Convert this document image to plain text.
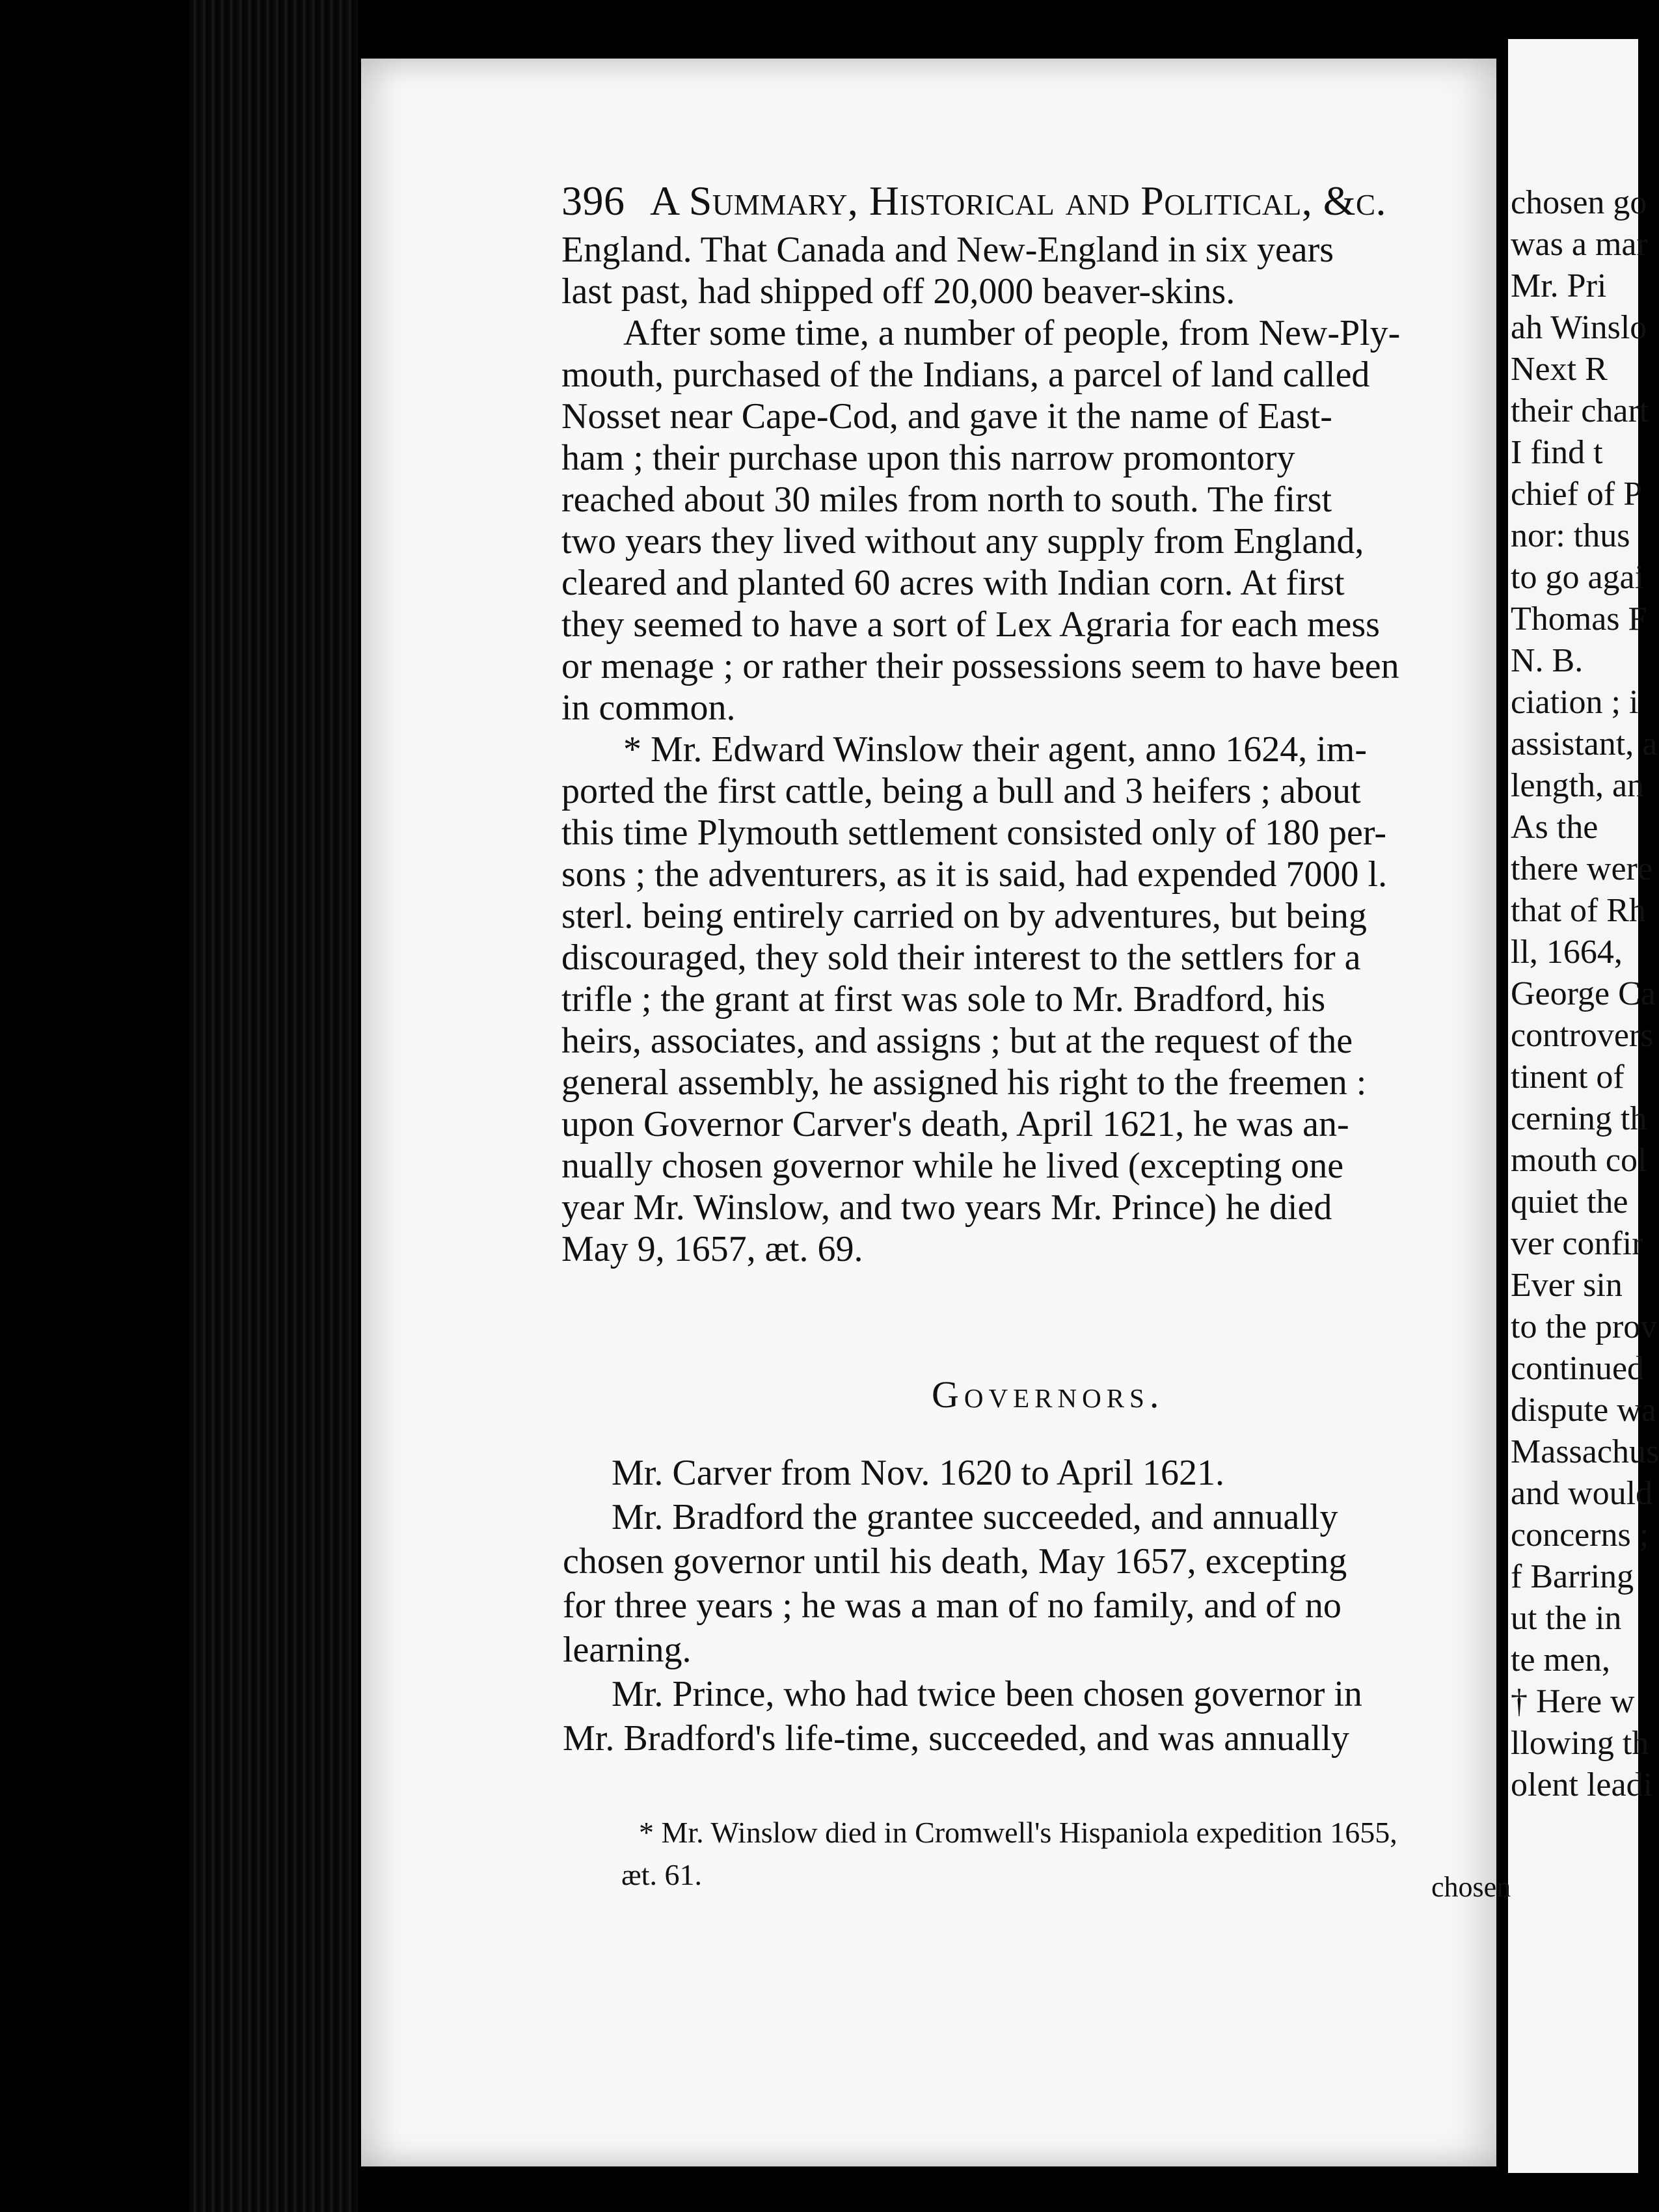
396 A Summary, Historical and Political, &c.
England. That Canada and New-England in six years
last past, had shipped off 20,000 beaver-skins.
After some time, a number of people, from New-Ply-
mouth, purchased of the Indians, a parcel of land called
Nosset near Cape-Cod, and gave it the name of East-
ham ; their purchase upon this narrow promontory
reached about 30 miles from north to south. The first
two years they lived without any supply from England,
cleared and planted 60 acres with Indian corn. At first
they seemed to have a sort of Lex Agraria for each mess
or menage ; or rather their possessions seem to have been
in common.
* Mr. Edward Winslow their agent, anno 1624, im-
ported the first cattle, being a bull and 3 heifers ; about
this time Plymouth settlement consisted only of 180 per-
sons ; the adventurers, as it is said, had expended 7000 l.
sterl. being entirely carried on by adventures, but being
discouraged, they sold their interest to the settlers for a
trifle ; the grant at first was sole to Mr. Bradford, his
heirs, associates, and assigns ; but at the request of the
general assembly, he assigned his right to the freemen :
upon Governor Carver's death, April 1621, he was an-
nually chosen governor while he lived (excepting one
year Mr. Winslow, and two years Mr. Prince) he died
May 9, 1657, æt. 69.
Governors.
Mr. Carver from Nov. 1620 to April 1621.
Mr. Bradford the grantee succeeded, and annually
chosen governor until his death, May 1657, excepting
for three years ; he was a man of no family, and of no
learning.
Mr. Prince, who had twice been chosen governor in
Mr. Bradford's life-time, succeeded, and was annually
* Mr. Winslow died in Cromwell's Hispaniola expedition 1655,
æt. 61.	chosen
chosen go
was a mar
Mr. Pri
ah Winslo
Next R
their chart
I find t
chief of P
nor: thus
to go agai
Thomas F
N. B.
ciation ; i
assistant, a
length, an
As the
there were
that of Rh
ll, 1664,
George Ca
controvers
tinent of
cerning th
mouth col
quiet the
ver confir
Ever sin
to the prov
continued
dispute wa
Massachus
and would
concerns ;
f Barring
ut the in
te men,
† Here w
llowing th
olent leadi
